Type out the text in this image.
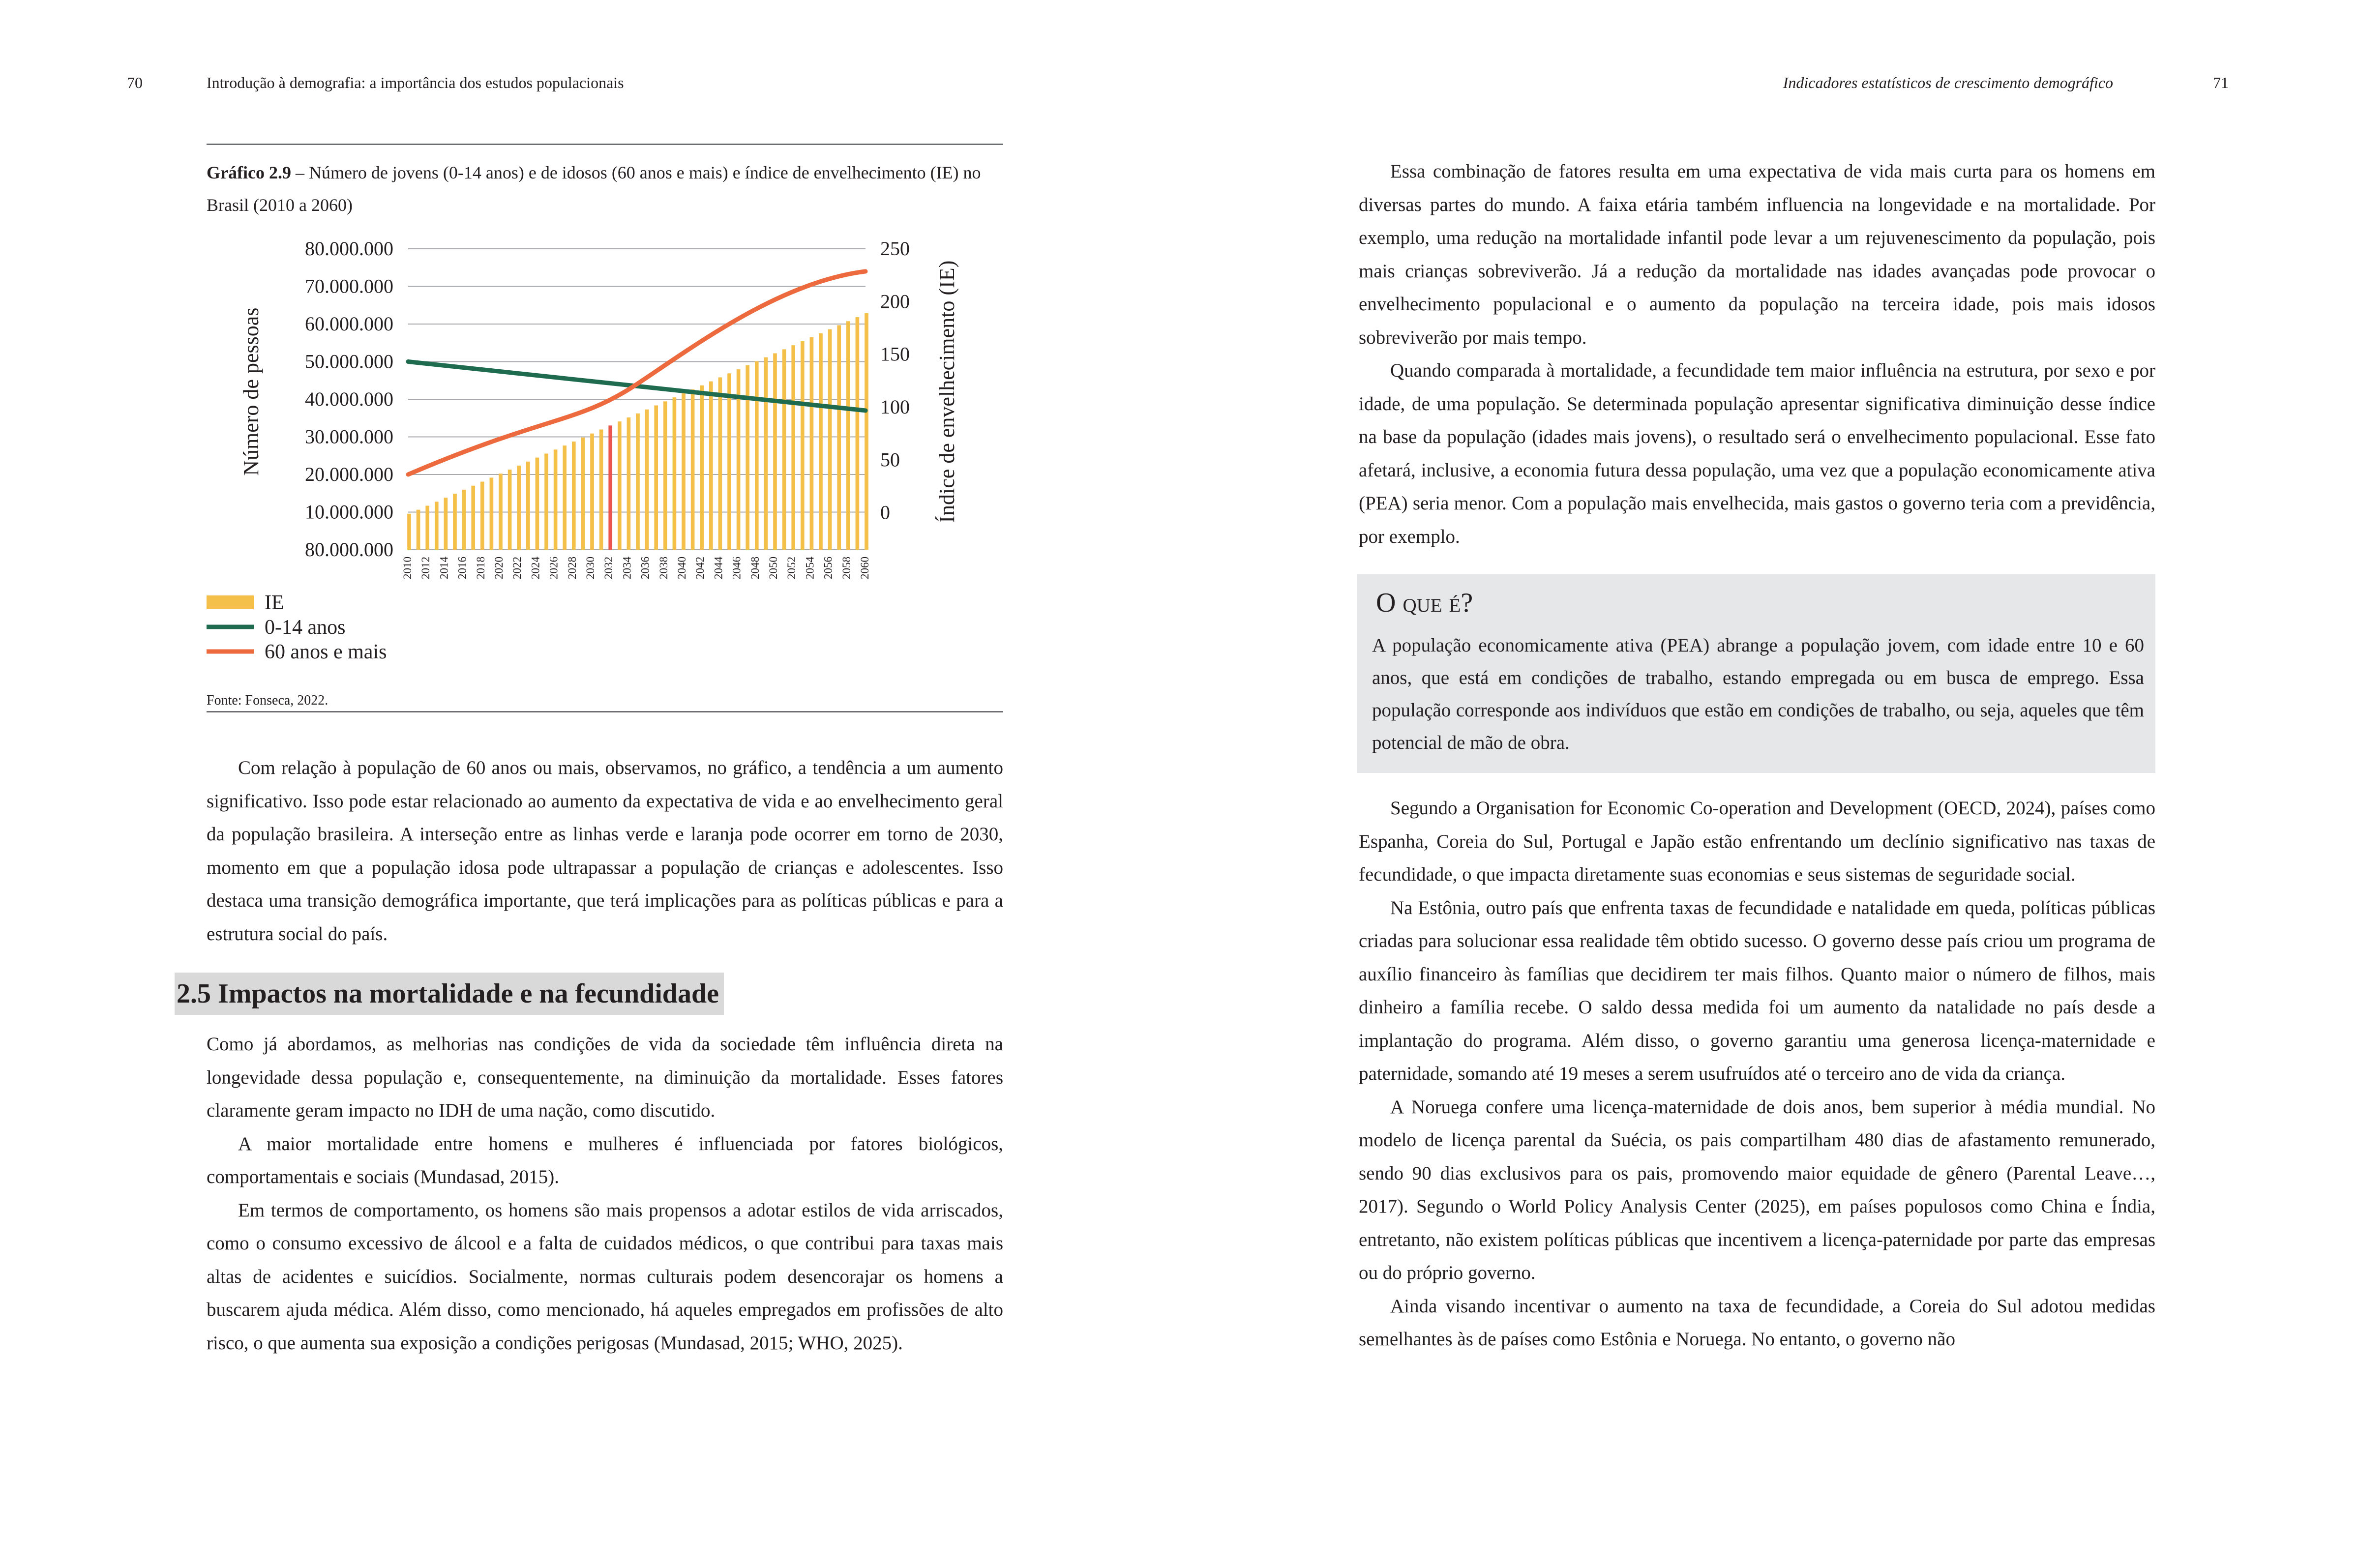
70	Introdução à demografia: a importância dos estudos populacionais	Indicadores estatísticos de crescimento demográfico	71
Gráfico 2.9 – Número de jovens (0-14 anos) e de idosos (60 anos e mais) e índice de envelhecimento (IE) no Brasil (2010 a 2060)
80.000.000
70.000.000
60.000.000
50.000.000
40.000.000
30.000.000
20.000.000
10.000.000
80.000.000
250
200
150
100
50
0
2010 2012 2014 2016 2018 2020 2022 2024 2026 2028 2030 2032 2034 2036 2038 2040 2042 2044 2046 2048 2050 2052 2054 2056 2058 2060
Número de pessoas	Índice de envelhecimento (IE)
IE
0-14 anos
60 anos e mais
Fonte: Fonseca, 2022.

Com relação à população de 60 anos ou mais, observamos, no gráfico, a tendência a um aumento significativo. Isso pode estar relacionado ao aumento da expectativa de vida e ao envelhecimento geral da população brasileira. A interseção entre as linhas verde e laranja pode ocorrer em torno de 2030, momento em que a população idosa pode ultrapassar a população de crianças e adolescentes. Isso destaca uma transição demográfica importante, que terá implicações para as políticas públicas e para a estrutura social do país.

2.5 Impactos na mortalidade e na fecundidade

Como já abordamos, as melhorias nas condições de vida da sociedade têm influência direta na longevidade dessa população e, consequentemente, na diminuição da mortalidade. Esses fatores claramente geram impacto no IDH de uma nação, como discutido.

A maior mortalidade entre homens e mulheres é influenciada por fatores biológicos, comportamentais e sociais (Mundasad, 2015).

Em termos de comportamento, os homens são mais propensos a adotar estilos de vida arriscados, como o consumo excessivo de álcool e a falta de cuidados médicos, o que contribui para taxas mais altas de acidentes e suicídios. Socialmente, normas culturais podem desencorajar os homens a buscarem ajuda médica. Além disso, como mencionado, há aqueles empregados em profissões de alto risco, o que aumenta sua exposição a condições perigosas (Mundasad, 2015; WHO, 2025).

Essa combinação de fatores resulta em uma expectativa de vida mais curta para os homens em diversas partes do mundo. A faixa etária também influencia na longevidade e na mortalidade. Por exemplo, uma redução na mortalidade infantil pode levar a um rejuvenescimento da população, pois mais crianças sobreviverão. Já a redução da mortalidade nas idades avançadas pode provocar o envelhecimento populacional e o aumento da população na terceira idade, pois mais idosos sobreviverão por mais tempo.

Quando comparada à mortalidade, a fecundidade tem maior influência na estrutura, por sexo e por idade, de uma população. Se determinada população apresentar significativa diminuição desse índice na base da população (idades mais jovens), o resultado será o envelhecimento populacional. Esse fato afetará, inclusive, a economia futura dessa população, uma vez que a população economicamente ativa (PEA) seria menor. Com a população mais envelhecida, mais gastos o governo teria com a previdência, por exemplo.

O que é?
A população economicamente ativa (PEA) abrange a população jovem, com idade entre 10 e 60 anos, que está em condições de trabalho, estando empregada ou em busca de emprego. Essa população corresponde aos indivíduos que estão em condições de trabalho, ou seja, aqueles que têm potencial de mão de obra.

Segundo a Organisation for Economic Co-operation and Development (OECD, 2024), países como Espanha, Coreia do Sul, Portugal e Japão estão enfrentando um declínio significativo nas taxas de fecundidade, o que impacta diretamente suas economias e seus sistemas de seguridade social.

Na Estônia, outro país que enfrenta taxas de fecundidade e natalidade em queda, políticas públicas criadas para solucionar essa realidade têm obtido sucesso. O governo desse país criou um programa de auxílio financeiro às famílias que decidirem ter mais filhos. Quanto maior o número de filhos, mais dinheiro a família recebe. O saldo dessa medida foi um aumento da natalidade no país desde a implantação do programa. Além disso, o governo garantiu uma generosa licença-maternidade e paternidade, somando até 19 meses a serem usufruídos até o terceiro ano de vida da criança.

A Noruega confere uma licença-maternidade de dois anos, bem superior à média mundial. No modelo de licença parental da Suécia, os pais compartilham 480 dias de afastamento remunerado, sendo 90 dias exclusivos para os pais, promovendo maior equidade de gênero (Parental Leave…, 2017). Segundo o World Policy Analysis Center (2025), em países populosos como China e Índia, entretanto, não existem políticas públicas que incentivem a licença-paternidade por parte das empresas ou do próprio governo.

Ainda visando incentivar o aumento na taxa de fecundidade, a Coreia do Sul adotou medidas semelhantes às de países como Estônia e Noruega. No entanto, o governo não
